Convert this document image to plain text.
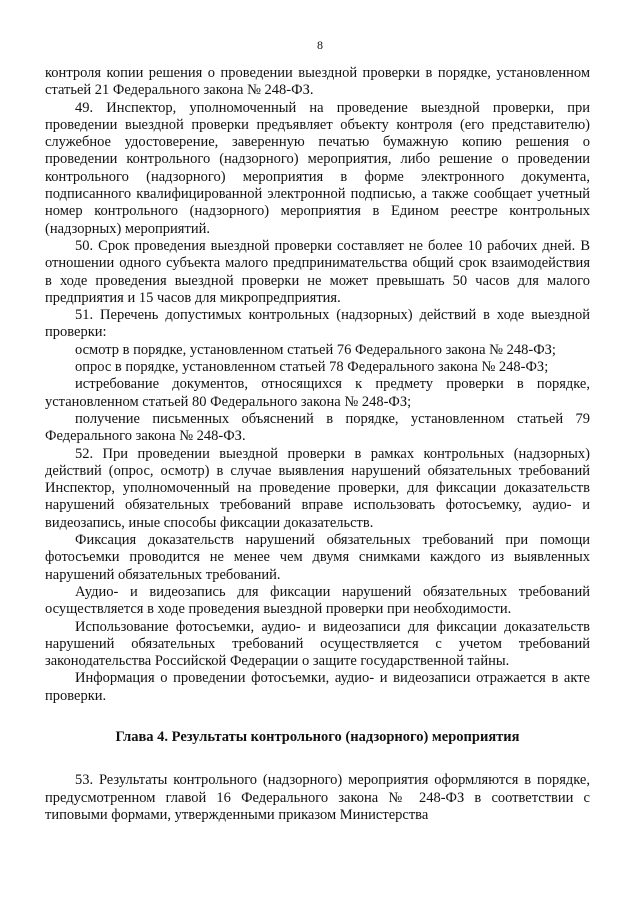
8

контроля копии решения о проведении выездной проверки в порядке, установленном статьей 21 Федерального закона № 248-ФЗ.

49. Инспектор, уполномоченный на проведение выездной проверки, при проведении выездной проверки предъявляет объекту контроля (его представителю) служебное удостоверение, заверенную печатью бумажную копию решения о проведении контрольного (надзорного) мероприятия, либо решение о проведении контрольного (надзорного) мероприятия в форме электронного документа, подписанного квалифицированной электронной подписью, а также сообщает учетный номер контрольного (надзорного) мероприятия в Едином реестре контрольных (надзорных) мероприятий.

50. Срок проведения выездной проверки составляет не более 10 рабочих дней. В отношении одного субъекта малого предпринимательства общий срок взаимодействия в ходе проведения выездной проверки не может превышать 50 часов для малого предприятия и 15 часов для микропредприятия.

51. Перечень допустимых контрольных (надзорных) действий в ходе выездной проверки:

осмотр в порядке, установленном статьей 76 Федерального закона № 248-ФЗ;

опрос в порядке, установленном статьей 78 Федерального закона № 248-ФЗ;

истребование документов, относящихся к предмету проверки в порядке, установленном статьей 80 Федерального закона № 248-ФЗ;

получение письменных объяснений в порядке, установленном статьей 79 Федерального закона № 248-ФЗ.

52. При проведении выездной проверки в рамках контрольных (надзорных) действий (опрос, осмотр) в случае выявления нарушений обязательных требований Инспектор, уполномоченный на проведение проверки, для фиксации доказательств нарушений обязательных требований вправе использовать фотосъемку, аудио- и видеозапись, иные способы фиксации доказательств.

Фиксация доказательств нарушений обязательных требований при помощи фотосъемки проводится не менее чем двумя снимками каждого из выявленных нарушений обязательных требований.

Аудио- и видеозапись для фиксации нарушений обязательных требований осуществляется в ходе проведения выездной проверки при необходимости.

Использование фотосъемки, аудио- и видеозаписи для фиксации доказательств нарушений обязательных требований осуществляется с учетом требований законодательства Российской Федерации о защите государственной тайны.

Информация о проведении фотосъемки, аудио- и видеозаписи отражается в акте проверки.

Глава 4. Результаты контрольного (надзорного) мероприятия

53. Результаты контрольного (надзорного) мероприятия оформляются в порядке, предусмотренном главой 16 Федерального закона № 248-ФЗ в соответствии с типовыми формами, утвержденными приказом Министерства
